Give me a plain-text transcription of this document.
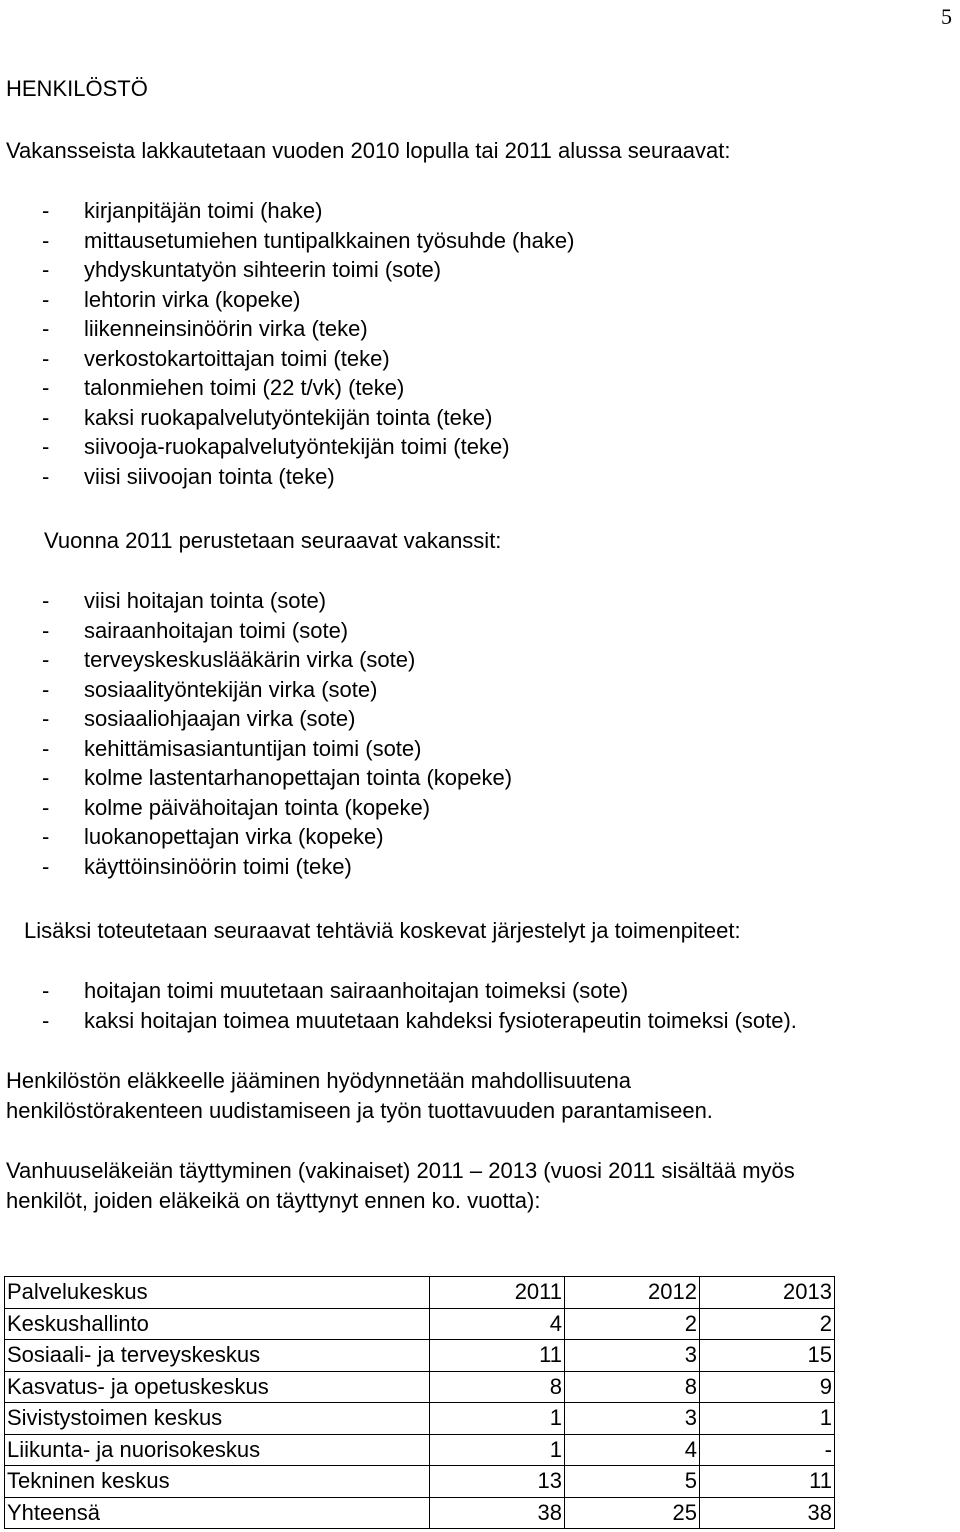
5
HENKILÖSTÖ
Vakansseista lakkautetaan vuoden 2010 lopulla tai 2011 alussa seuraavat:
- kirjanpitäjän toimi (hake)
- mittausetumiehen tuntipalkkainen työsuhde (hake)
- yhdyskuntatyön sihteerin toimi (sote)
- lehtorin virka (kopeke)
- liikenneinsinöörin virka (teke)
- verkostokartoittajan toimi (teke)
- talonmiehen toimi (22 t/vk) (teke)
- kaksi ruokapalvelutyöntekijän tointa (teke)
- siivooja-ruokapalvelutyöntekijän toimi (teke)
- viisi siivoojan tointa (teke)
Vuonna 2011 perustetaan seuraavat vakanssit:
- viisi hoitajan tointa (sote)
- sairaanhoitajan toimi (sote)
- terveyskeskuslääkärin virka (sote)
- sosiaalityöntekijän virka (sote)
- sosiaaliohjaajan virka (sote)
- kehittämisasiantuntijan toimi (sote)
- kolme lastentarhanopettajan tointa (kopeke)
- kolme päivähoitajan tointa (kopeke)
- luokanopettajan virka (kopeke)
- käyttöinsinöörin toimi (teke)
Lisäksi toteutetaan seuraavat tehtäviä koskevat järjestelyt ja toimenpiteet:
- hoitajan toimi muutetaan sairaanhoitajan toimeksi (sote)
- kaksi hoitajan toimea muutetaan kahdeksi fysioterapeutin toimeksi (sote).
Henkilöstön eläkkeelle jääminen hyödynnetään mahdollisuutena
henkilöstörakenteen uudistamiseen ja työn tuottavuuden parantamiseen.
Vanhuuseläkeiän täyttyminen (vakinaiset) 2011 – 2013 (vuosi 2011 sisältää myös
henkilöt, joiden eläkeikä on täyttynyt ennen ko. vuotta):
Palvelukeskus	2011	2012	2013
Keskushallinto	4	2	2
Sosiaali- ja terveyskeskus	11	3	15
Kasvatus- ja opetuskeskus	8	8	9
Sivistystoimen keskus	1	3	1
Liikunta- ja nuorisokeskus	1	4	-
Tekninen keskus	13	5	11
Yhteensä	38	25	38
